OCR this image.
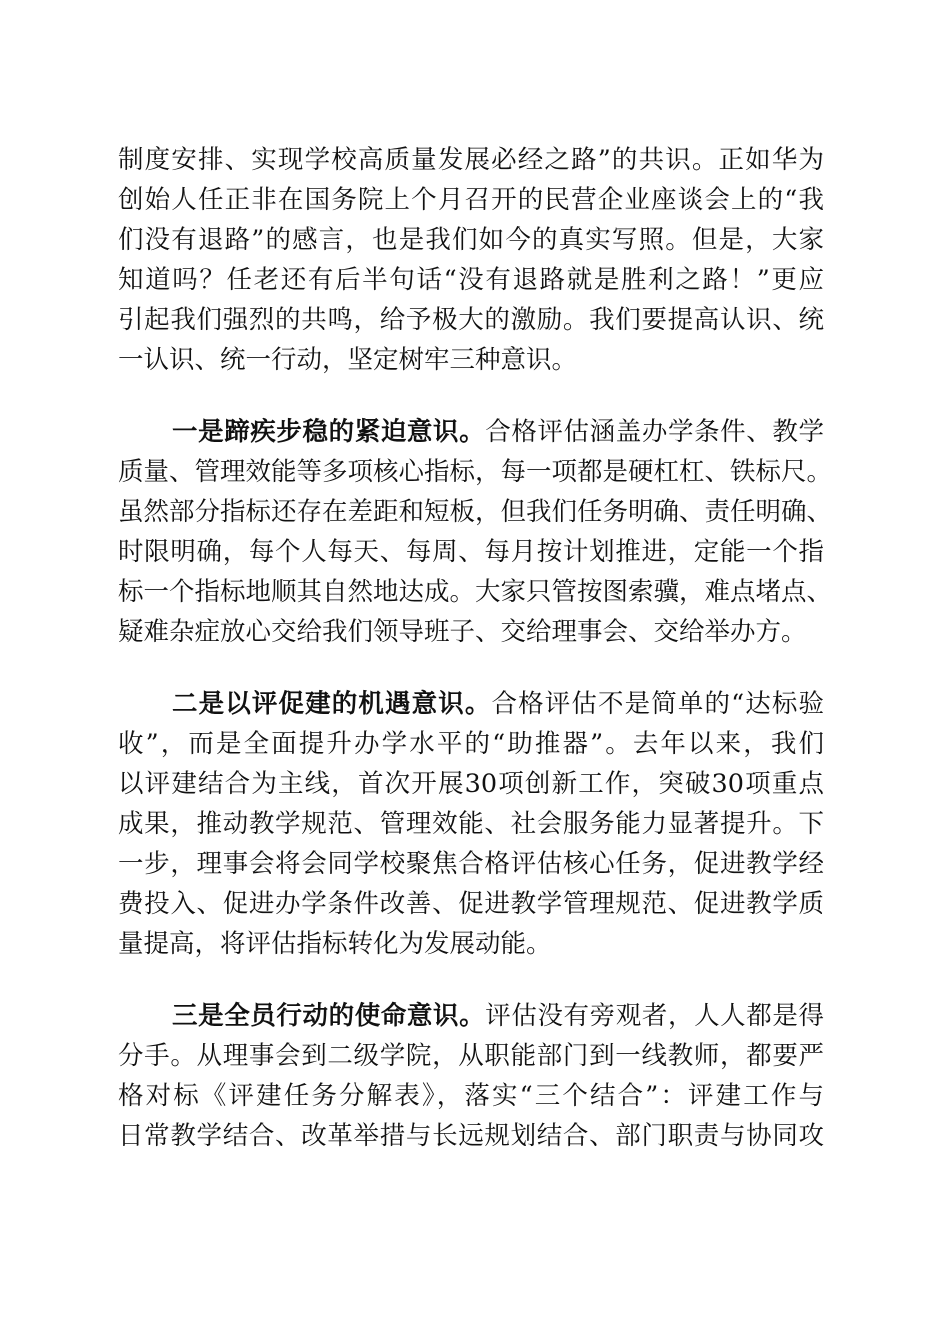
制度安排、实现学校高质量发展必经之路”的共识。正如华为
创始人任正非在国务院上个月召开的民营企业座谈会上的“我
们没有退路”的感言，也是我们如今的真实写照。但是，大家
知道吗？任老还有后半句话“没有退路就是胜利之路！”更应
引起我们强烈的共鸣，给予极大的激励。我们要提高认识、统
一认识、统一行动，坚定树牢三种意识。
一是蹄疾步稳的紧迫意识。合格评估涵盖办学条件、教学
质量、管理效能等多项核心指标，每一项都是硬杠杠、铁标尺。
虽然部分指标还存在差距和短板，但我们任务明确、责任明确、
时限明确，每个人每天、每周、每月按计划推进，定能一个指
标一个指标地顺其自然地达成。大家只管按图索骥，难点堵点、
疑难杂症放心交给我们领导班子、交给理事会、交给举办方。
二是以评促建的机遇意识。合格评估不是简单的“达标验
收”，而是全面提升办学水平的“助推器”。去年以来，我们
以评建结合为主线，首次开展30项创新工作，突破30项重点
成果，推动教学规范、管理效能、社会服务能力显著提升。下
一步，理事会将会同学校聚焦合格评估核心任务，促进教学经
费投入、促进办学条件改善、促进教学管理规范、促进教学质
量提高，将评估指标转化为发展动能。
三是全员行动的使命意识。评估没有旁观者，人人都是得
分手。从理事会到二级学院，从职能部门到一线教师，都要严
格对标《评建任务分解表》，落实“三个结合”：评建工作与
日常教学结合、改革举措与长远规划结合、部门职责与协同攻
